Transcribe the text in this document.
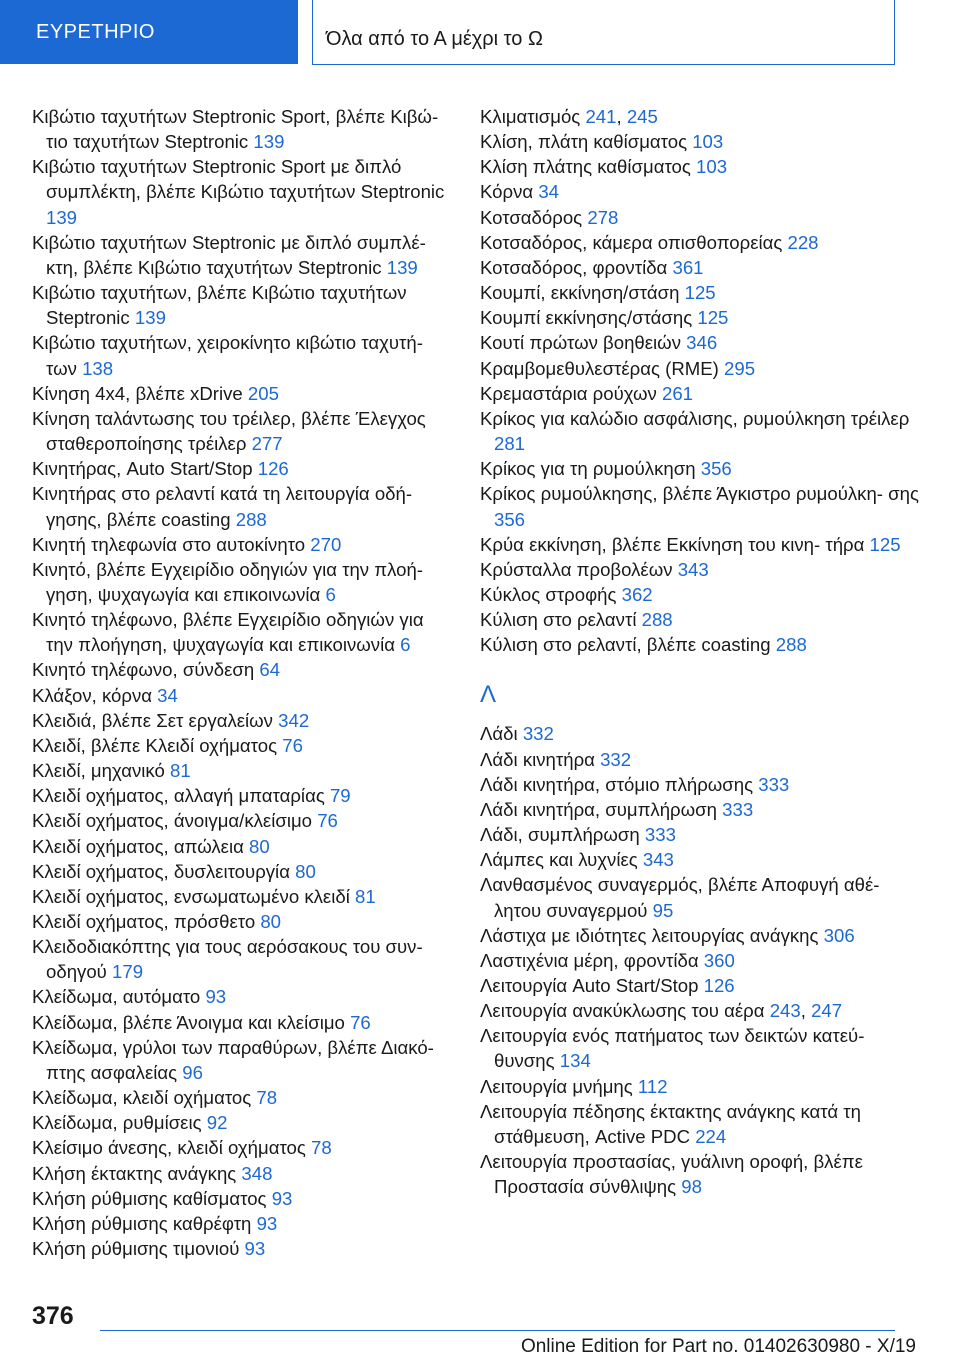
ΕΥΡΕΤΗΡΙΟ	Όλα από το Α μέχρι το Ω
Κιβώτιο ταχυτήτων Steptronic Sport, βλέπε Κιβώ‐ τιο ταχυτήτων Steptronic 139
Κιβώτιο ταχυτήτων Steptronic Sport με διπλό συμπλέκτη, βλέπε Κιβώτιο ταχυτήτων Steptronic 139
Κιβώτιο ταχυτήτων Steptronic με διπλό συμπλέ‐ κτη, βλέπε Κιβώτιο ταχυτήτων Steptronic 139
Κιβώτιο ταχυτήτων, βλέπε Κιβώτιο ταχυτήτων Steptronic 139
Κιβώτιο ταχυτήτων, χειροκίνητο κιβώτιο ταχυτή‐ των 138
Κίνηση 4x4, βλέπε xDrive 205
Κίνηση ταλάντωσης του τρέιλερ, βλέπε Έλεγχος σταθεροποίησης τρέιλερ 277
Κινητήρας, Auto Start/Stop 126
Κινητήρας στο ρελαντί κατά τη λειτουργία οδή‐ γησης, βλέπε coasting 288
Κινητή τηλεφωνία στο αυτοκίνητο 270
Κινητό, βλέπε Εγχειρίδιο οδηγιών για την πλοή‐ γηση, ψυχαγωγία και επικοινωνία 6
Κινητό τηλέφωνο, βλέπε Εγχειρίδιο οδηγιών για την πλοήγηση, ψυχαγωγία και επικοινωνία 6
Κινητό τηλέφωνο, σύνδεση 64
Κλάξον, κόρνα 34
Κλειδιά, βλέπε Σετ εργαλείων 342
Κλειδί, βλέπε Κλειδί οχήματος 76
Κλειδί, μηχανικό 81
Κλειδί οχήματος, αλλαγή μπαταρίας 79
Κλειδί οχήματος, άνοιγμα/κλείσιμο 76
Κλειδί οχήματος, απώλεια 80
Κλειδί οχήματος, δυσλειτουργία 80
Κλειδί οχήματος, ενσωματωμένο κλειδί 81
Κλειδί οχήματος, πρόσθετο 80
Κλειδοδιακόπτης για τους αερόσακους του συν‐ οδηγού 179
Κλείδωμα, αυτόματο 93
Κλείδωμα, βλέπε Άνοιγμα και κλείσιμο 76
Κλείδωμα, γρύλοι των παραθύρων, βλέπε Διακό‐ πτης ασφαλείας 96
Κλείδωμα, κλειδί οχήματος 78
Κλείδωμα, ρυθμίσεις 92
Κλείσιμο άνεσης, κλειδί οχήματος 78
Κλήση έκτακτης ανάγκης 348
Κλήση ρύθμισης καθίσματος 93
Κλήση ρύθμισης καθρέφτη 93
Κλήση ρύθμισης τιμονιού 93
Κλιματισμός 241, 245
Κλίση, πλάτη καθίσματος 103
Κλίση πλάτης καθίσματος 103
Κόρνα 34
Κοτσαδόρος 278
Κοτσαδόρος, κάμερα οπισθοπορείας 228
Κοτσαδόρος, φροντίδα 361
Κουμπί, εκκίνηση/στάση 125
Κουμπί εκκίνησης/στάσης 125
Κουτί πρώτων βοηθειών 346
Κραμβομεθυλεστέρας (RME) 295
Κρεμαστάρια ρούχων 261
Κρίκος για καλώδιο ασφάλισης, ρυμούλκηση τρέιλερ 281
Κρίκος για τη ρυμούλκηση 356
Κρίκος ρυμούλκησης, βλέπε Άγκιστρο ρυμούλκη‐ σης 356
Κρύα εκκίνηση, βλέπε Εκκίνηση του κινη‐ τήρα 125
Κρύσταλλα προβολέων 343
Κύκλος στροφής 362
Κύλιση στο ρελαντί 288
Κύλιση στο ρελαντί, βλέπε coasting 288
Λ
Λάδι 332
Λάδι κινητήρα 332
Λάδι κινητήρα, στόμιο πλήρωσης 333
Λάδι κινητήρα, συμπλήρωση 333
Λάδι, συμπλήρωση 333
Λάμπες και λυχνίες 343
Λανθασμένος συναγερμός, βλέπε Αποφυγή αθέ‐ λητου συναγερμού 95
Λάστιχα με ιδιότητες λειτουργίας ανάγκης 306
Λαστιχένια μέρη, φροντίδα 360
Λειτουργία Auto Start/Stop 126
Λειτουργία ανακύκλωσης του αέρα 243, 247
Λειτουργία ενός πατήματος των δεικτών κατεύ‐ θυνσης 134
Λειτουργία μνήμης 112
Λειτουργία πέδησης έκτακτης ανάγκης κατά τη στάθμευση, Active PDC 224
Λειτουργία προστασίας, γυάλινη οροφή, βλέπε Προστασία σύνθλιψης 98
376
Online Edition for Part no. 01402630980 - X/19
